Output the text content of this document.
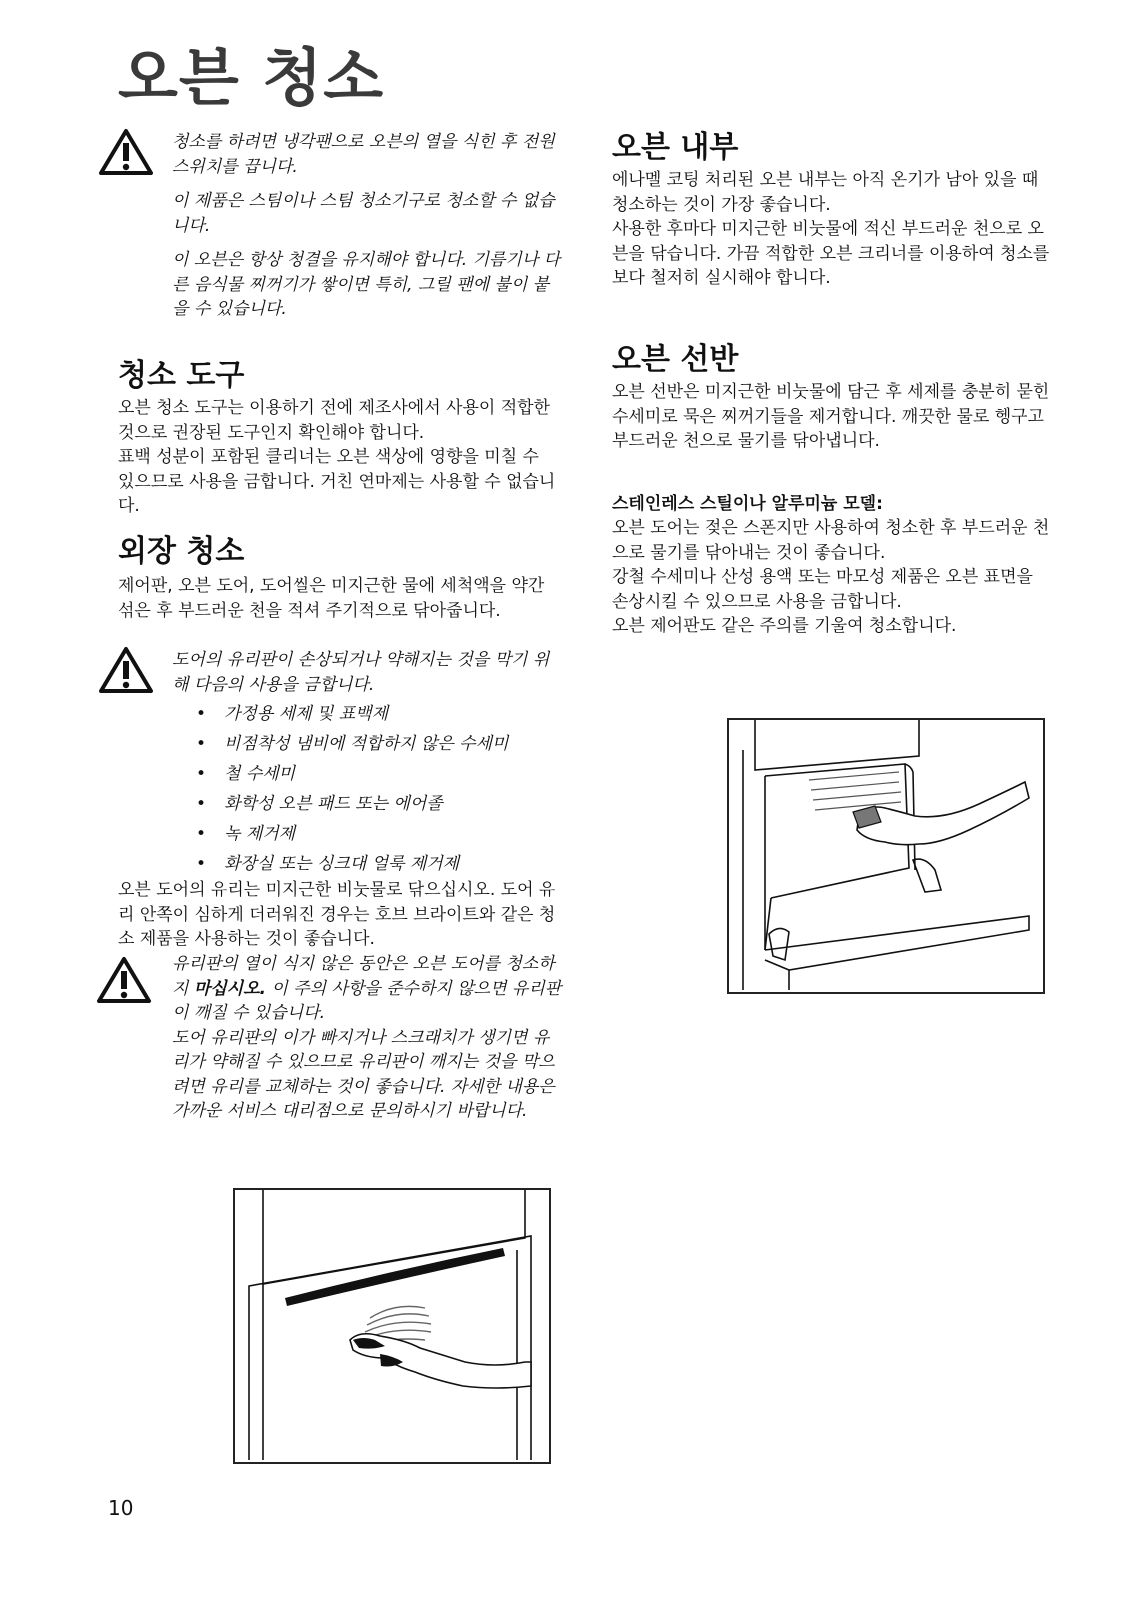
오븐 청소

청소를 하려면 냉각팬으로 오븐의 열을 식힌 후 전원 스위치를 끕니다.

이 제품은 스팀이나 스팀 청소기구로 청소할 수 없습니다.

이 오븐은 항상 청결을 유지해야 합니다. 기름기나 다른 음식물 찌꺼기가 쌓이면 특히, 그릴 팬에 불이 붙을 수 있습니다.

청소 도구

오븐 청소 도구는 이용하기 전에 제조사에서 사용이 적합한 것으로 권장된 도구인지 확인해야 합니다.

표백 성분이 포함된 클리너는 오븐 색상에 영향을 미칠 수 있으므로 사용을 금합니다. 거친 연마제는 사용할 수 없습니다.

외장 청소

제어판, 오븐 도어, 도어씰은 미지근한 물에 세척액을 약간 섞은 후 부드러운 천을 적셔 주기적으로 닦아줍니다.

도어의 유리판이 손상되거나 약해지는 것을 막기 위해 다음의 사용을 금합니다.

• 가정용 세제 및 표백제
• 비점착성 냄비에 적합하지 않은 수세미
• 철 수세미
• 화학성 오븐 패드 또는 에어졸
• 녹 제거제
• 화장실 또는 싱크대 얼룩 제거제

오븐 도어의 유리는 미지근한 비눗물로 닦으십시오. 도어 유리 안쪽이 심하게 더러워진 경우는 호브 브라이트와 같은 청소 제품을 사용하는 것이 좋습니다.

유리판의 열이 식지 않은 동안은 오븐 도어를 청소하지 마십시오. 이 주의 사항을 준수하지 않으면 유리판이 깨질 수 있습니다.

도어 유리판의 이가 빠지거나 스크래치가 생기면 유리가 약해질 수 있으므로 유리판이 깨지는 것을 막으려면 유리를 교체하는 것이 좋습니다. 자세한 내용은 가까운 서비스 대리점으로 문의하시기 바랍니다.

10
오븐 내부

에나멜 코팅 처리된 오븐 내부는 아직 온기가 남아 있을 때 청소하는 것이 가장 좋습니다.

사용한 후마다 미지근한 비눗물에 적신 부드러운 천으로 오븐을 닦습니다. 가끔 적합한 오븐 크리너를 이용하여 청소를 보다 철저히 실시해야 합니다.

오븐 선반

오븐 선반은 미지근한 비눗물에 담근 후 세제를 충분히 묻힌 수세미로 묵은 찌꺼기들을 제거합니다. 깨끗한 물로 헹구고 부드러운 천으로 물기를 닦아냅니다.

스테인레스 스틸이나 알루미늄 모델:

오븐 도어는 젖은 스폰지만 사용하여 청소한 후 부드러운 천으로 물기를 닦아내는 것이 좋습니다.

강철 수세미나 산성 용액 또는 마모성 제품은 오븐 표면을 손상시킬 수 있으므로 사용을 금합니다.

오븐 제어판도 같은 주의를 기울여 청소합니다.
